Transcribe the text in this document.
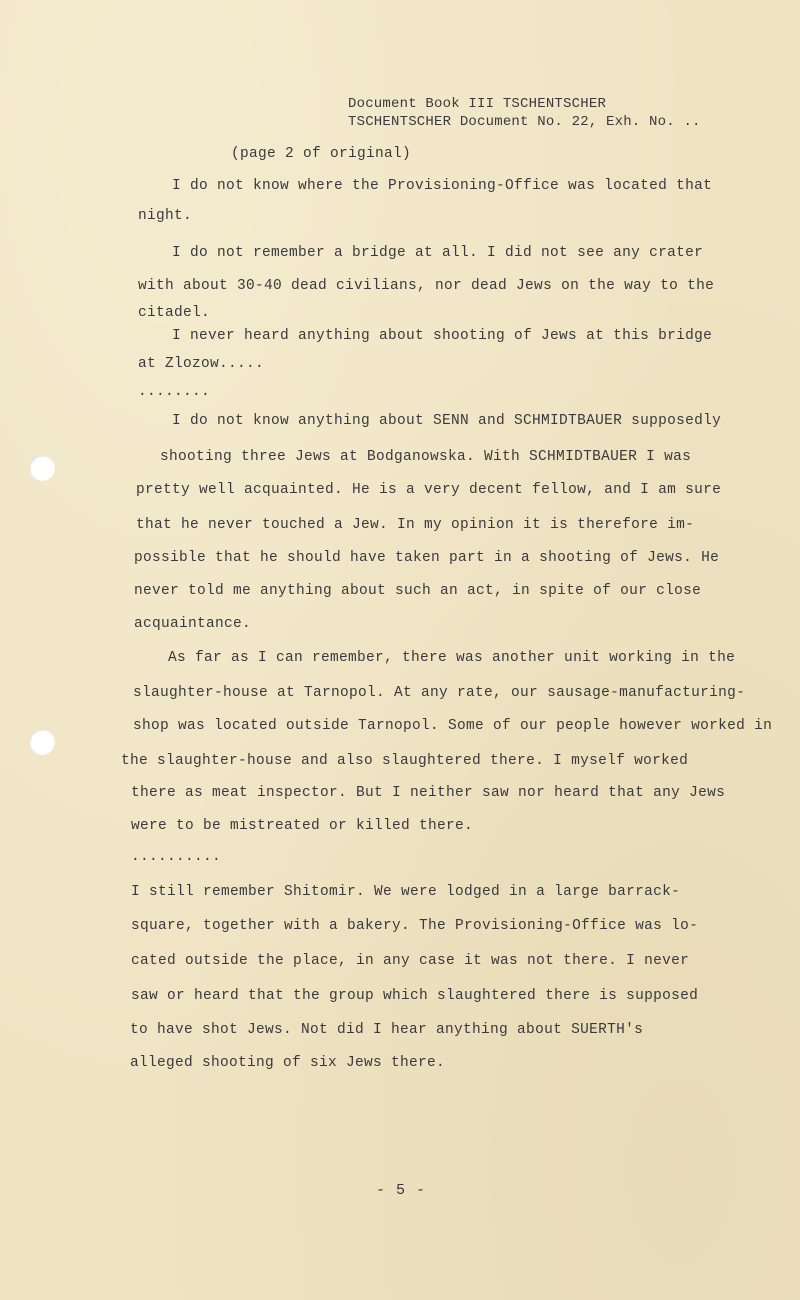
Document Book III TSCHENTSCHER
TSCHENTSCHER Document No. 22, Exh. No. ..
(page 2 of original)
I do not know where the Provisioning-Office was located that
night.
I do not remember a bridge at all. I did not see any crater
with about 30-40 dead civilians, nor dead Jews on the way to the
citadel.
I never heard anything about shooting of Jews at this bridge
at Zlozow.....
........
I do not know anything about SENN and SCHMIDTBAUER supposedly
shooting three Jews at Bodganowska. With SCHMIDTBAUER I was
pretty well acquainted. He is a very decent fellow, and I am sure
that he never touched a Jew. In my opinion it is therefore im-
possible that he should have taken part in a shooting of Jews. He
never told me anything about such an act, in spite of our close
acquaintance.
As far as I can remember, there was another unit working in the
slaughter-house at Tarnopol. At any rate, our sausage-manufacturing-
shop was located outside Tarnopol. Some of our people however worked in
the slaughter-house and also slaughtered there. I myself worked
there as meat inspector. But I neither saw nor heard that any Jews
were to be mistreated or killed there.
..........
I still remember Shitomir. We were lodged in a large barrack-
square, together with a bakery. The Provisioning-Office was lo-
cated outside the place, in any case it was not there. I never
saw or heard that the group which slaughtered there is supposed
to have shot Jews. Not did I hear anything about SUERTH's
alleged shooting of six Jews there.
- 5 -
